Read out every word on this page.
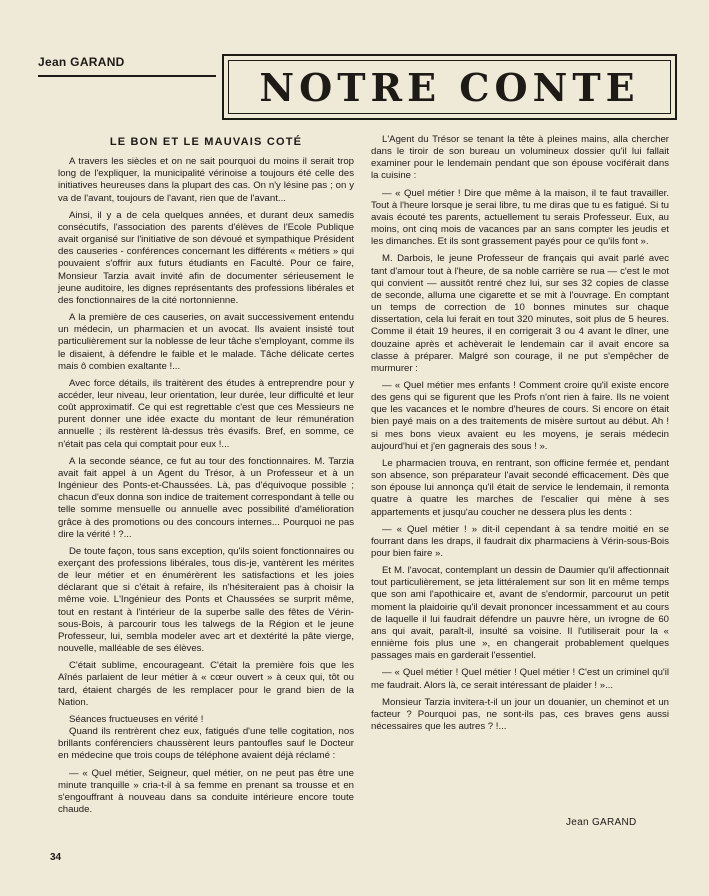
Jean GARAND
NOTRE CONTE
LE BON ET LE MAUVAIS COTÉ

A travers les siècles et on ne sait pourquoi du moins il serait trop long de l'expliquer, la municipalité vérinoise a toujours été celle des initiatives heureuses dans la plupart des cas. On n'y lésine pas ; on y va de l'avant, toujours de l'avant, rien que de l'avant...

Ainsi, il y a de cela quelques années, et durant deux samedis consécutifs, l'association des parents d'élèves de l'Ecole Publique avait organisé sur l'initiative de son dévoué et sympathique Président des causeries - conférences concernant les différents « métiers » qui pouvaient s'offrir aux futurs étudiants en Faculté. Pour ce faire, Monsieur Tarzia avait invité afin de documenter sérieusement le jeune auditoire, les dignes représentants des professions libérales et des fonctionnaires de la cité nortonnienne.

A la première de ces causeries, on avait successivement entendu un médecin, un pharmacien et un avocat. Ils avaient insisté tout particulièrement sur la noblesse de leur tâche s'employant, comme ils le disaient, à défendre le faible et le malade. Tâche délicate certes mais ô combien exaltante !...

Avec force détails, ils traitèrent des études à entreprendre pour y accéder, leur niveau, leur orientation, leur durée, leur difficulté et leur coût approximatif. Ce qui est regrettable c'est que ces Messieurs ne purent donner une idée exacte du montant de leur rémunération annuelle ; ils restèrent là-dessus très évasifs. Bref, en somme, ce n'était pas cela qui comptait pour eux !...

A la seconde séance, ce fut au tour des fonctionnaires. M. Tarzia avait fait appel à un Agent du Trésor, à un Professeur et à un Ingénieur des Ponts-et-Chaussées. Là, pas d'équivoque possible ; chacun d'eux donna son indice de traitement correspondant à telle ou telle somme mensuelle ou annuelle avec possibilité d'amélioration grâce à des promotions ou des concours internes... Pourquoi ne pas dire la vérité ! ?...

De toute façon, tous sans exception, qu'ils soient fonctionnaires ou exerçant des professions libérales, tous dis-je, vantèrent les mérites de leur métier et en énumérèrent les satisfactions et les joies déclarant que si c'était à refaire, ils n'hésiteraient pas à choisir la même voie. L'Ingénieur des Ponts et Chaussées se surprit même, tout en restant à l'intérieur de la superbe salle des fêtes de Vérin-sous-Bois, à parcourir tous les talwegs de la Région et le jeune Professeur, lui, sembla modeler avec art et dextérité la pâte vierge, nouvelle, malléable de ses élèves.

C'était sublime, encourageant. C'était la première fois que les Aînés parlaient de leur métier à « cœur ouvert » à ceux qui, tôt ou tard, étaient chargés de les remplacer pour le grand bien de la Nation.

Séances fructueuses en vérité !

Quand ils rentrèrent chez eux, fatigués d'une telle cogitation, nos brillants conférenciers chaussèrent leurs pantoufles sauf le Docteur en médecine que trois coups de téléphone avaient déjà réclamé :

— « Quel métier, Seigneur, quel métier, on ne peut pas être une minute tranquille » cria-t-il à sa femme en prenant sa trousse et en s'engouffrant à nouveau dans sa conduite intérieure encore toute chaude.

L'Agent du Trésor se tenant la tête à pleines mains, alla chercher dans le tiroir de son bureau un volumineux dossier qu'il lui fallait examiner pour le lendemain pendant que son épouse vociférait dans la cuisine :

— « Quel métier ! Dire que même à la maison, il te faut travailler. Tout à l'heure lorsque je serai libre, tu me diras que tu es fatigué. Si tu avais écouté tes parents, actuellement tu serais Professeur. Eux, au moins, ont cinq mois de vacances par an sans compter les jeudis et les dimanches. Et ils sont grassement payés pour ce qu'ils font ».

M. Darbois, le jeune Professeur de français qui avait parlé avec tant d'amour tout à l'heure, de sa noble carrière se rua — c'est le mot qui convient — aussitôt rentré chez lui, sur ses 32 copies de classe de seconde, alluma une cigarette et se mit à l'ouvrage. En comptant un temps de correction de 10 bonnes minutes sur chaque dissertation, cela lui ferait en tout 320 minutes, soit plus de 5 heures. Comme il était 19 heures, il en corrigerait 3 ou 4 avant le dîner, une douzaine après et achèverait le lendemain car il avait encore sa classe à préparer. Malgré son courage, il ne put s'empêcher de murmurer :

— « Quel métier mes enfants ! Comment croire qu'il existe encore des gens qui se figurent que les Profs n'ont rien à faire. Ils ne voient que les vacances et le nombre d'heures de cours. Si encore on était bien payé mais on a des traitements de misère surtout au début. Ah ! si mes bons vieux avaient eu les moyens, je serais médecin aujourd'hui et j'en gagnerais des sous ! ».

Le pharmacien trouva, en rentrant, son officine fermée et, pendant son absence, son préparateur l'avait secondé efficacement. Dès que son épouse lui annonça qu'il était de service le lendemain, il remonta quatre à quatre les marches de l'escalier qui mène à ses appartements et jusqu'au coucher ne dessera plus les dents :

— « Quel métier ! » dit-il cependant à sa tendre moitié en se fourrant dans les draps, il faudrait dix pharmaciens à Vérin-sous-Bois pour bien faire ».

Et M. l'avocat, contemplant un dessin de Daumier qu'il affectionnait tout particulièrement, se jeta littéralement sur son lit en même temps que son ami l'apothicaire et, avant de s'endormir, parcourut un petit moment la plaidoirie qu'il devait prononcer incessamment et au cours de laquelle il lui faudrait défendre un pauvre hère, un ivrogne de 60 ans qui avait, paraît-il, insulté sa voisine. Il l'utiliserait pour la « ennième fois plus une », en changerait probablement quelques passages mais en garderait l'essentiel.

— « Quel métier ! Quel métier ! Quel métier ! C'est un criminel qu'il me faudrait. Alors là, ce serait intéressant de plaider ! »...

Monsieur Tarzia invitera-t-il un jour un douanier, un cheminot et un facteur ? Pourquoi pas, ne sont-ils pas, ces braves gens aussi nécessaires que les autres ? !...

Jean GARAND
34
